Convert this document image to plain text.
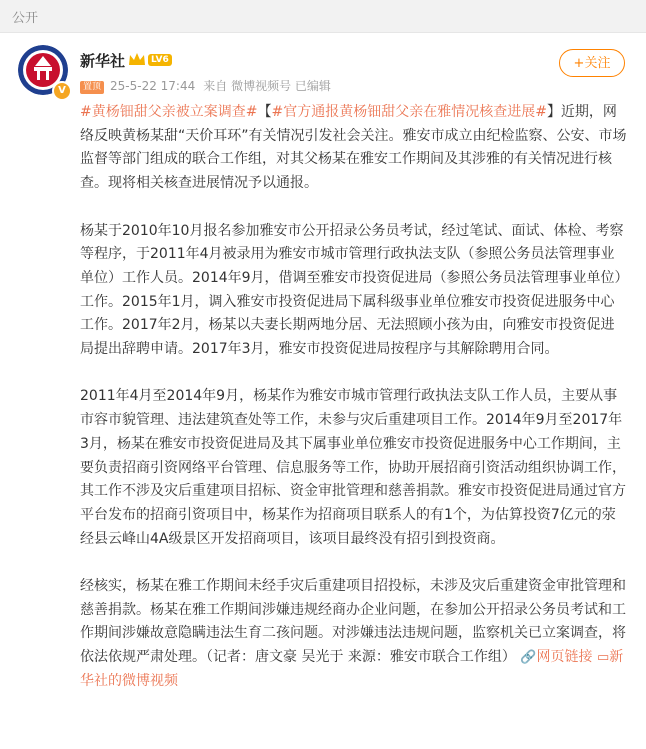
公开
V
新华社	LV6
置顶 25-5-22 17:44 来自 微博视频号 已编辑
+关注

#黄杨钿甜父亲被立案调查#【#官方通报黄杨钿甜父亲在雅情况核查进展#】近期，网络反映黄杨某甜“天价耳环”有关情况引发社会关注。雅安市成立由纪检监察、公安、市场监督等部门组成的联合工作组，对其父杨某在雅安工作期间及其涉雅的有关情况进行核查。现将相关核查进展情况予以通报。

杨某于2010年10月报名参加雅安市公开招录公务员考试，经过笔试、面试、体检、考察等程序，于2011年4月被录用为雅安市城市管理行政执法支队（参照公务员法管理事业单位）工作人员。2014年9月，借调至雅安市投资促进局（参照公务员法管理事业单位）工作。2015年1月，调入雅安市投资促进局下属科级事业单位雅安市投资促进服务中心工作。2017年2月，杨某以夫妻长期两地分居、无法照顾小孩为由，向雅安市投资促进局提出辞聘申请。2017年3月，雅安市投资促进局按程序与其解除聘用合同。

2011年4月至2014年9月，杨某作为雅安市城市管理行政执法支队工作人员，主要从事市容市貌管理、违法建筑查处等工作，未参与灾后重建项目工作。2014年9月至2017年3月，杨某在雅安市投资促进局及其下属事业单位雅安市投资促进服务中心工作期间，主要负责招商引资网络平台管理、信息服务等工作，协助开展招商引资活动组织协调工作，其工作不涉及灾后重建项目招标、资金审批管理和慈善捐款。雅安市投资促进局通过官方平台发布的招商引资项目中，杨某作为招商项目联系人的有1个，为估算投资7亿元的荥经县云峰山4A级景区开发招商项目，该项目最终没有招引到投资商。

经核实，杨某在雅工作期间未经手灾后重建项目招投标，未涉及灾后重建资金审批管理和慈善捐款。杨某在雅工作期间涉嫌违规经商办企业问题，在参加公开招录公务员考试和工作期间涉嫌故意隐瞒违法生育二孩问题。对涉嫌违法违规问题，监察机关已立案调查，将依法依规严肃处理。（记者：唐文豪 吴光于 来源：雅安市联合工作组） 🔗网页链接 ▭新华社的微博视频
